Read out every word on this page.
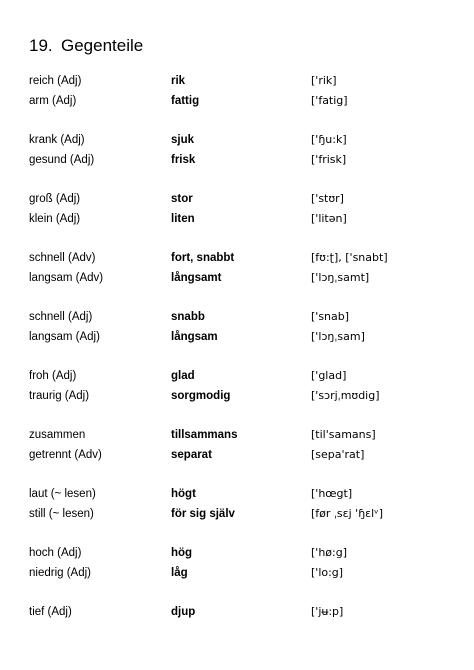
19. Gegenteile
reich (Adj)	rik	['rik]
arm (Adj)	fattig	['fatig]
krank (Adj)	sjuk	['ɧu:k]
gesund (Adj)	frisk	['frisk]
groß (Adj)	stor	['stʊr]
klein (Adj)	liten	['litən]
schnell (Adv)	fort, snabbt	[fʊ:ʈ], ['snabt]
langsam (Adv)	långsamt	['lɔŋˌsamt]
schnell (Adj)	snabb	['snab]
langsam (Adj)	långsam	['lɔŋˌsam]
froh (Adj)	glad	['glad]
traurig (Adj)	sorgmodig	['sɔrjˌmʊdig]
zusammen	tillsammans	[til'samans]
getrennt (Adv)	separat	[sepa'rat]
laut (~ lesen)	högt	['hœgt]
still (~ lesen)	för sig själv	[før ˌsɛj 'ɧɛlᵛ]
hoch (Adj)	hög	['hø:g]
niedrig (Adj)	låg	['lo:g]
tief (Adj)	djup	['jʉ:p]
